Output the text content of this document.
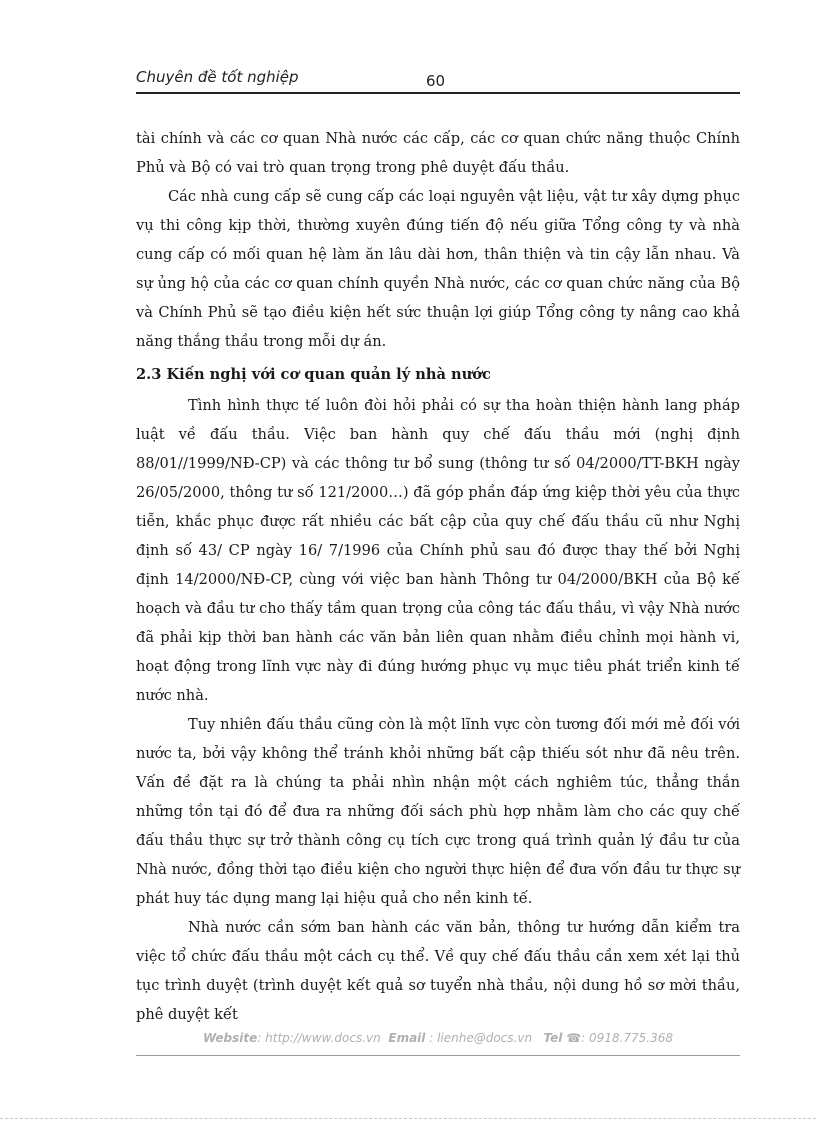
Chuyên đề tốt nghiệp	60

tài chính và các cơ quan Nhà nước các cấp, các cơ quan chức năng thuộc Chính Phủ và Bộ có vai trò quan trọng trong phê duyệt đấu thầu.

Các nhà cung cấp sẽ cung cấp các loại nguyên vật liệu, vật tư xây dựng phục vụ thi công kịp thời, thường xuyên đúng tiến độ nếu giữa Tổng công ty và nhà cung cấp có mối quan hệ làm ăn lâu dài hơn, thân thiện và tin cậy lẫn nhau. Và sự ủng hộ của các cơ quan chính quyền Nhà nước, các cơ quan chức năng của Bộ và Chính Phủ sẽ tạo điều kiện hết sức thuận lợi giúp Tổng công ty nâng cao khả năng thắng thầu trong mỗi dự án.

2.3 Kiến nghị với cơ quan quản lý nhà nước

Tình hình thực tế luôn đòi hỏi phải có sự tha hoàn thiện hành lang pháp luật về đấu thầu. Việc ban hành quy chế đấu thầu mới (nghị định 88/01//1999/NĐ-CP) và các thông tư bổ sung (thông tư số 04/2000/TT-BKH ngày 26/05/2000, thông tư số 121/2000…) đã góp phần đáp ứng kiệp thời yêu của thực tiễn, khắc phục được rất nhiều các bất cập của quy chế đấu thầu cũ như Nghị định số 43/ CP ngày 16/ 7/1996 của Chính phủ sau đó được thay thế bởi Nghị định 14/2000/NĐ-CP, cùng với việc ban hành Thông tư 04/2000/BKH của Bộ kế hoạch và đầu tư cho thấy tầm quan trọng của công tác đấu thầu, vì vậy Nhà nước đã phải kịp thời ban hành các văn bản liên quan nhằm điều chỉnh mọi hành vi, hoạt động trong lĩnh vực này đi đúng hướng phục vụ mục tiêu phát triển kinh tế nước nhà.

Tuy nhiên đấu thầu cũng còn là một lĩnh vực còn tương đối mới mẻ đối với nước ta, bởi vậy không thể tránh khỏi những bất cập thiếu sót như đã nêu trên. Vấn đề đặt ra là chúng ta phải nhìn nhận một cách nghiêm túc, thẳng thắn những tồn tại đó để đưa ra những đối sách phù hợp nhằm làm cho các quy chế đấu thầu thực sự trở thành công cụ tích cực trong quá trình quản lý đầu tư của Nhà nước, đồng thời tạo điều kiện cho người thực hiện để đưa vốn đầu tư thực sự phát huy tác dụng mang lại hiệu quả cho nền kinh tế.

Nhà nước cần sớm ban hành các văn bản, thông tư hướng dẫn kiểm tra việc tổ chức đấu thầu một cách cụ thể. Về quy chế đấu thầu cần xem xét lại thủ tục trình duyệt (trình duyệt kết quả sơ tuyển nhà thầu, nội dung hồ sơ mời thầu, phê duyệt kết

Website: http://www.docs.vn Email : lienhe@docs.vn Tel ☎: 0918.775.368
